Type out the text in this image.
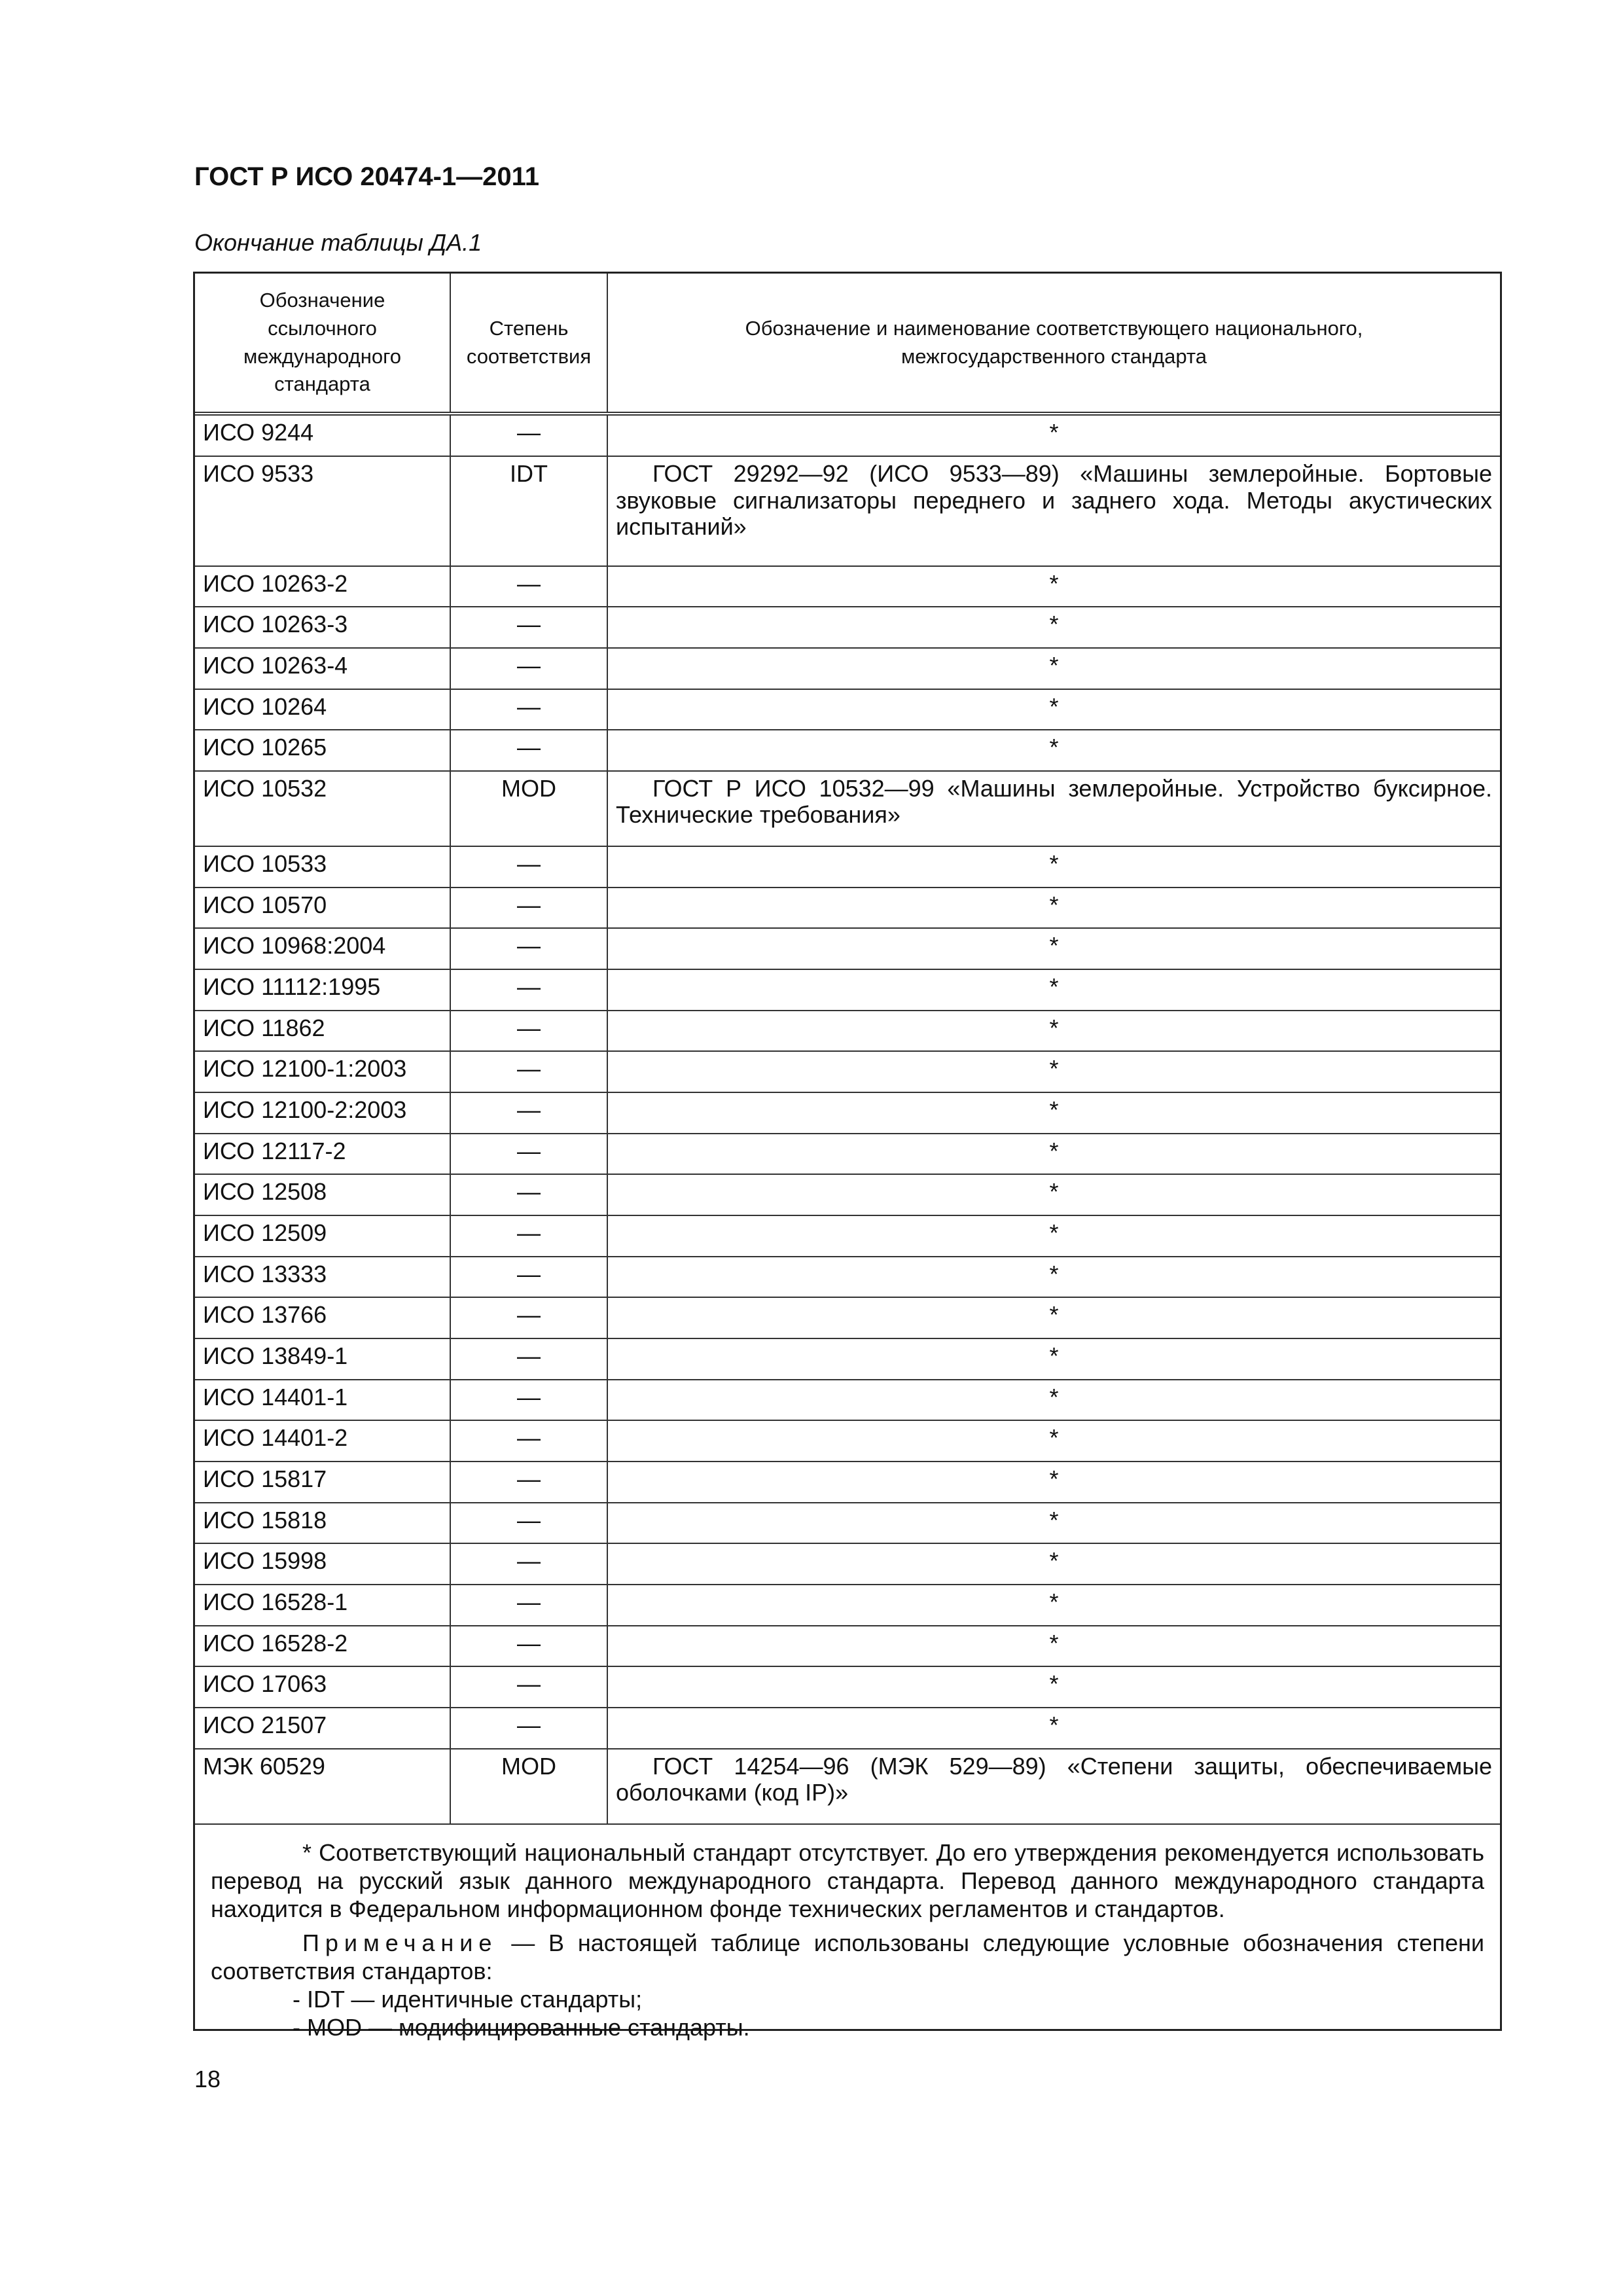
ГОСТ Р ИСО 20474-1—2011
Окончание таблицы ДА.1
Обозначение ссылочного международного стандарта	Степень соответствия	Обозначение и наименование соответствующего национального, межгосударственного стандарта
ИСО 9244	—	*
ИСО 9533	IDT	ГОСТ 29292—92 (ИСО 9533—89) «Машины землеройные. Бортовые звуковые сигнализаторы переднего и заднего хода. Методы акустических испытаний»
ИСО 10263-2	—	*
ИСО 10263-3	—	*
ИСО 10263-4	—	*
ИСО 10264	—	*
ИСО 10265	—	*
ИСО 10532	MOD	ГОСТ Р ИСО 10532—99 «Машины землеройные. Устройство буксирное. Технические требования»
ИСО 10533	—	*
ИСО 10570	—	*
ИСО 10968:2004	—	*
ИСО 11112:1995	—	*
ИСО 11862	—	*
ИСО 12100-1:2003	—	*
ИСО 12100-2:2003	—	*
ИСО 12117-2	—	*
ИСО 12508	—	*
ИСО 12509	—	*
ИСО 13333	—	*
ИСО 13766	—	*
ИСО 13849-1	—	*
ИСО 14401-1	—	*
ИСО 14401-2	—	*
ИСО 15817	—	*
ИСО 15818	—	*
ИСО 15998	—	*
ИСО 16528-1	—	*
ИСО 16528-2	—	*
ИСО 17063	—	*
ИСО 21507	—	*
МЭК 60529	MOD	ГОСТ 14254—96 (МЭК 529—89) «Степени защиты, обеспечиваемые оболочками (код IP)»

* Соответствующий национальный стандарт отсутствует. До его утверждения рекомендуется использовать перевод на русский язык данного международного стандарта. Перевод данного международного стандарта находится в Федеральном информационном фонде технических регламентов и стандартов.

Примечание — В настоящей таблице использованы следующие условные обозначения степени соответствия стандартов:

- IDT — идентичные стандарты;
- MOD — модифицированные стандарты.
18
